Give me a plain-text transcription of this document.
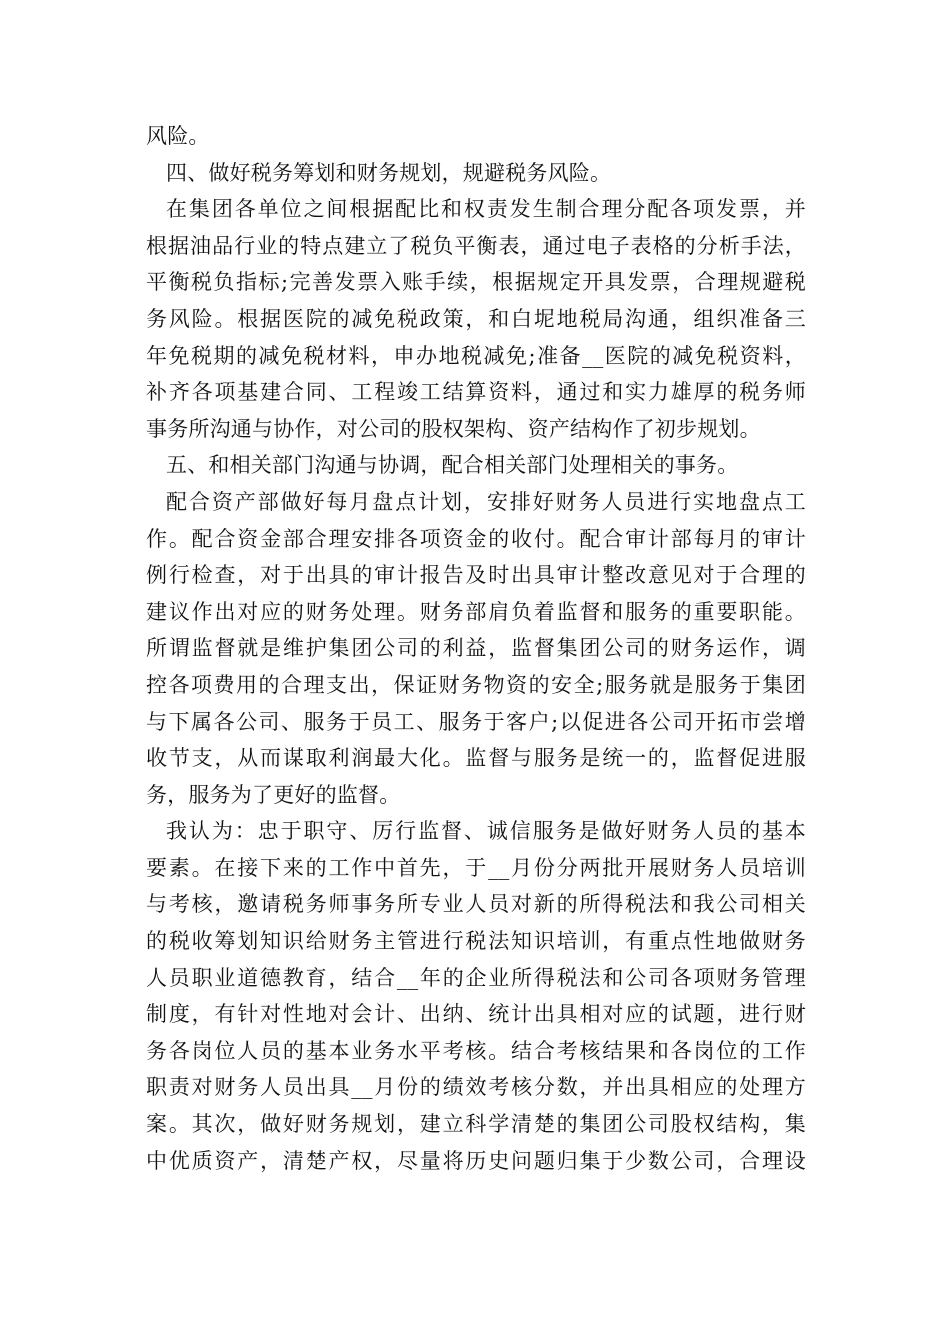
风险。
四、做好税务筹划和财务规划，规避税务风险。
在集团各单位之间根据配比和权责发生制合理分配各项发票，并
根据油品行业的特点建立了税负平衡表，通过电子表格的分析手法，
平衡税负指标;完善发票入账手续，根据规定开具发票，合理规避税
务风险。根据医院的减免税政策，和白坭地税局沟通，组织准备三
年免税期的减免税材料，申办地税减免;准备__医院的减免税资料，
补齐各项基建合同、工程竣工结算资料，通过和实力雄厚的税务师
事务所沟通与协作，对公司的股权架构、资产结构作了初步规划。
五、和相关部门沟通与协调，配合相关部门处理相关的事务。
配合资产部做好每月盘点计划，安排好财务人员进行实地盘点工
作。配合资金部合理安排各项资金的收付。配合审计部每月的审计
例行检查，对于出具的审计报告及时出具审计整改意见对于合理的
建议作出对应的财务处理。财务部肩负着监督和服务的重要职能。
所谓监督就是维护集团公司的利益，监督集团公司的财务运作，调
控各项费用的合理支出，保证财务物资的安全;服务就是服务于集团
与下属各公司、服务于员工、服务于客户;以促进各公司开拓市尝增
收节支，从而谋取利润最大化。监督与服务是统一的，监督促进服
务，服务为了更好的监督。
我认为：忠于职守、厉行监督、诚信服务是做好财务人员的基本
要素。在接下来的工作中首先，于__月份分两批开展财务人员培训
与考核，邀请税务师事务所专业人员对新的所得税法和我公司相关
的税收筹划知识给财务主管进行税法知识培训，有重点性地做财务
人员职业道德教育，结合__年的企业所得税法和公司各项财务管理
制度，有针对性地对会计、出纳、统计出具相对应的试题，进行财
务各岗位人员的基本业务水平考核。结合考核结果和各岗位的工作
职责对财务人员出具__月份的绩效考核分数，并出具相应的处理方
案。其次，做好财务规划，建立科学清楚的集团公司股权结构，集
中优质资产，清楚产权，尽量将历史问题归集于少数公司，合理设
